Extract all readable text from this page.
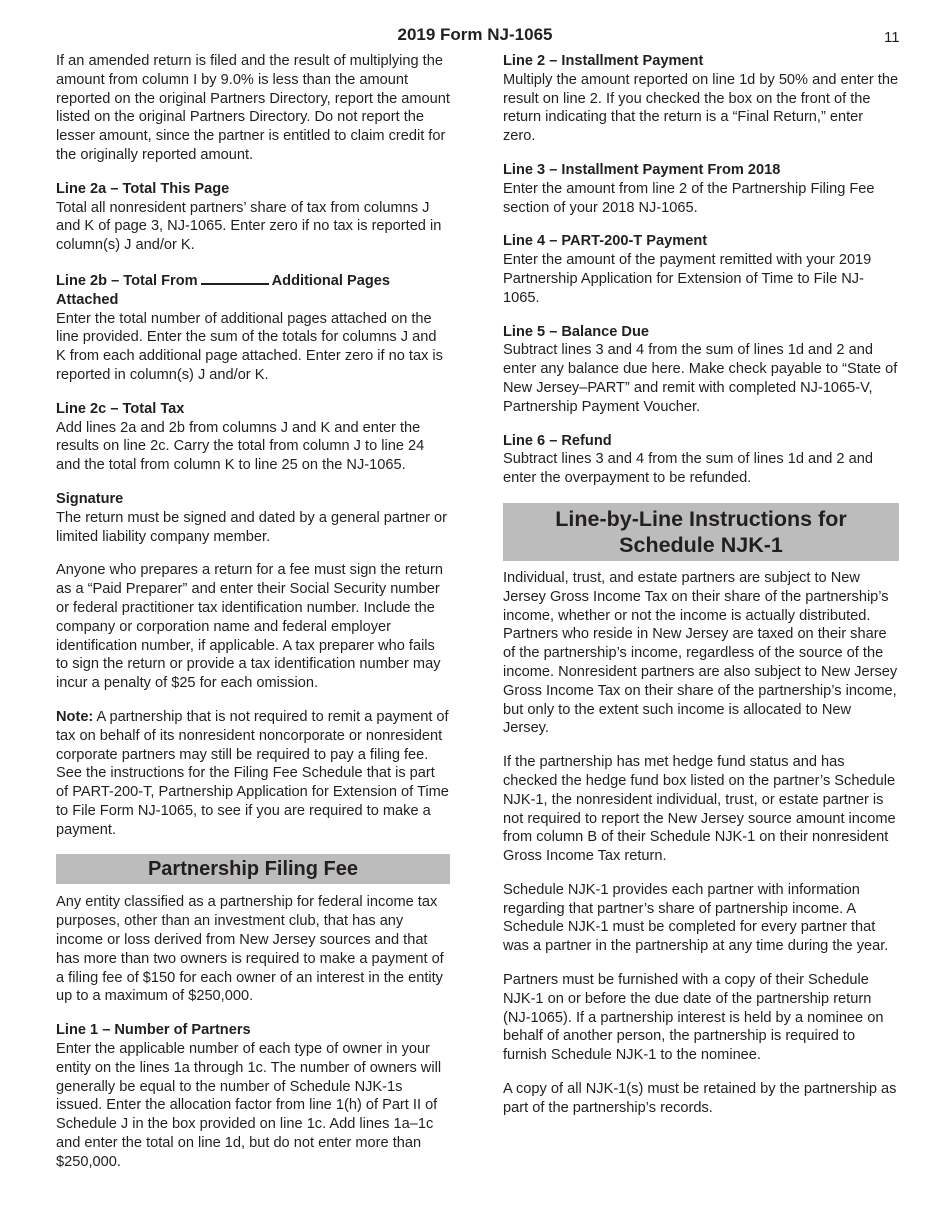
2019 Form NJ-1065	11

If an amended return is filed and the result of multiplying the amount from column I by 9.0% is less than the amount reported on the original Partners Directory, report the amount listed on the original Partners Directory. Do not report the lesser amount, since the partner is entitled to claim credit for the originally reported amount.

Line 2a – Total This Page
Total all nonresident partners’ share of tax from columns J and K of page 3, NJ-1065. Enter zero if no tax is reported in column(s) J and/or K.
Line 2b – Total From	Additional Pages
Attached
Enter the total number of additional pages attached on the line provided. Enter the sum of the totals for columns J and K from each additional page attached. Enter zero if no tax is reported in column(s) J and/or K.
Line 2c – Total Tax
Add lines 2a and 2b from columns J and K and enter the results on line 2c. Carry the total from column J to line 24 and the total from column K to line 25 on the NJ-1065.
Signature
The return must be signed and dated by a general partner or limited liability company member.

Anyone who prepares a return for a fee must sign the return as a “Paid Preparer” and enter their Social Security number or federal practitioner tax identification number. Include the company or corporation name and federal employer identification number, if applicable. A tax preparer who fails to sign the return or provide a tax identification number may incur a penalty of $25 for each omission.

Note: A partnership that is not required to remit a payment of tax on behalf of its nonresident noncorporate or nonresident corporate partners may still be required to pay a filing fee. See the instructions for the Filing Fee Schedule that is part of PART-200-T, Partnership Application for Extension of Time to File Form NJ-1065, to see if you are required to make a payment.

Partnership Filing Fee

Any entity classified as a partnership for federal income tax purposes, other than an investment club, that has any income or loss derived from New Jersey sources and that has more than two owners is required to make a payment of a filing fee of $150 for each owner of an interest in the entity up to a maximum of $250,000.

Line 1 – Number of Partners
Enter the applicable number of each type of owner in your entity on the lines 1a through 1c. The number of owners will generally be equal to the number of Schedule NJK-1s issued. Enter the allocation factor from line 1(h) of Part II of Schedule J in the box provided on line 1c. Add lines 1a–1c and enter the total on line 1d, but do not enter more than $250,000.
Line 2 – Installment Payment
Multiply the amount reported on line 1d by 50% and enter the result on line 2. If you checked the box on the front of the return indicating that the return is a “Final Return,” enter zero.
Line 3 – Installment Payment From 2018
Enter the amount from line 2 of the Partnership Filing Fee section of your 2018 NJ-1065.
Line 4 – PART-200-T Payment
Enter the amount of the payment remitted with your 2019 Partnership Application for Extension of Time to File NJ-1065.
Line 5 – Balance Due
Subtract lines 3 and 4 from the sum of lines 1d and 2 and enter any balance due here. Make check payable to “State of New Jersey–PART” and remit with completed NJ-1065-V, Partnership Payment Voucher.
Line 6 – Refund
Subtract lines 3 and 4 from the sum of lines 1d and 2 and enter the overpayment to be refunded.
Line-by-Line Instructions for
Schedule NJK-1

Individual, trust, and estate partners are subject to New Jersey Gross Income Tax on their share of the partnership’s income, whether or not the income is actually distributed. Partners who reside in New Jersey are taxed on their share of the partnership’s income, regardless of the source of the income. Nonresident partners are also subject to New Jersey Gross Income Tax on their share of the partnership’s income, but only to the extent such income is allocated to New Jersey.

If the partnership has met hedge fund status and has checked the hedge fund box listed on the partner’s Schedule NJK-1, the nonresident individual, trust, or estate partner is not required to report the New Jersey source amount income from column B of their Schedule NJK-1 on their nonresident Gross Income Tax return.

Schedule NJK-1 provides each partner with information regarding that partner’s share of partnership income. A Schedule NJK-1 must be completed for every partner that was a partner in the partnership at any time during the year.

Partners must be furnished with a copy of their Schedule NJK-1 on or before the due date of the partnership return (NJ-1065). If a partnership interest is held by a nominee on behalf of another person, the partnership is required to furnish Schedule NJK-1 to the nominee.

A copy of all NJK-1(s) must be retained by the partnership as part of the partnership’s records.
